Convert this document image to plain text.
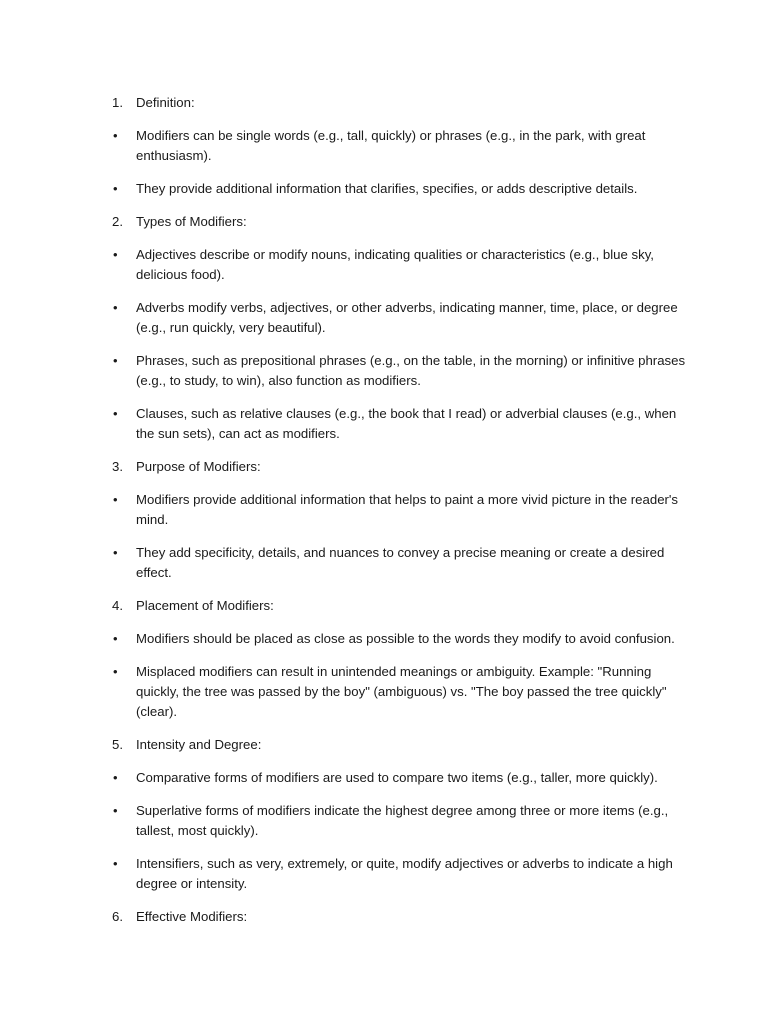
1. Definition:
•	Modifiers can be single words (e.g., tall, quickly) or phrases (e.g., in the park, with great enthusiasm).
•	They provide additional information that clarifies, specifies, or adds descriptive details.
2. Types of Modifiers:
•	Adjectives describe or modify nouns, indicating qualities or characteristics (e.g., blue sky, delicious food).
•	Adverbs modify verbs, adjectives, or other adverbs, indicating manner, time, place, or degree (e.g., run quickly, very beautiful).
•	Phrases, such as prepositional phrases (e.g., on the table, in the morning) or infinitive phrases (e.g., to study, to win), also function as modifiers.
•	Clauses, such as relative clauses (e.g., the book that I read) or adverbial clauses (e.g., when the sun sets), can act as modifiers.
3. Purpose of Modifiers:
•	Modifiers provide additional information that helps to paint a more vivid picture in the reader's mind.
•	They add specificity, details, and nuances to convey a precise meaning or create a desired effect.
4. Placement of Modifiers:
•	Modifiers should be placed as close as possible to the words they modify to avoid confusion.
•	Misplaced modifiers can result in unintended meanings or ambiguity. Example: "Running quickly, the tree was passed by the boy" (ambiguous) vs. "The boy passed the tree quickly" (clear).
5. Intensity and Degree:
•	Comparative forms of modifiers are used to compare two items (e.g., taller, more quickly).
•	Superlative forms of modifiers indicate the highest degree among three or more items (e.g., tallest, most quickly).
•	Intensifiers, such as very, extremely, or quite, modify adjectives or adverbs to indicate a high degree or intensity.
6. Effective Modifiers:
